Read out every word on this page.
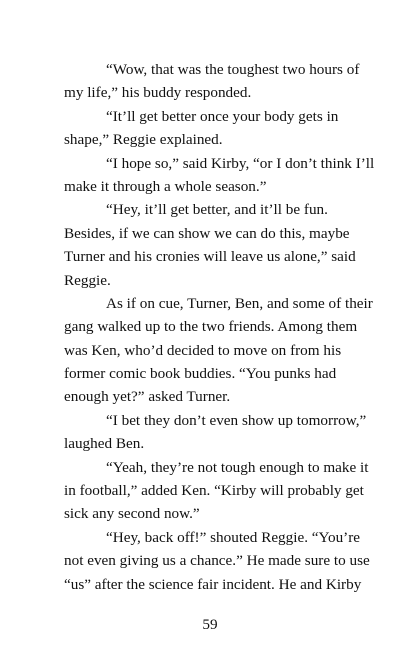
“Wow, that was the toughest two hours of
my life,” his buddy responded.
“It’ll get better once your body gets in
shape,” Reggie explained.
“I hope so,” said Kirby, “or I don’t think I’ll
make it through a whole season.”
“Hey, it’ll get better, and it’ll be fun.
Besides, if we can show we can do this, maybe
Turner and his cronies will leave us alone,” said
Reggie.
As if on cue, Turner, Ben, and some of their
gang walked up to the two friends. Among them
was Ken, who’d decided to move on from his
former comic book buddies. “You punks had
enough yet?” asked Turner.
“I bet they don’t even show up tomorrow,”
laughed Ben.
“Yeah, they’re not tough enough to make it
in football,” added Ken. “Kirby will probably get
sick any second now.”
“Hey, back off!” shouted Reggie. “You’re
not even giving us a chance.” He made sure to use
“us” after the science fair incident. He and Kirby
59
